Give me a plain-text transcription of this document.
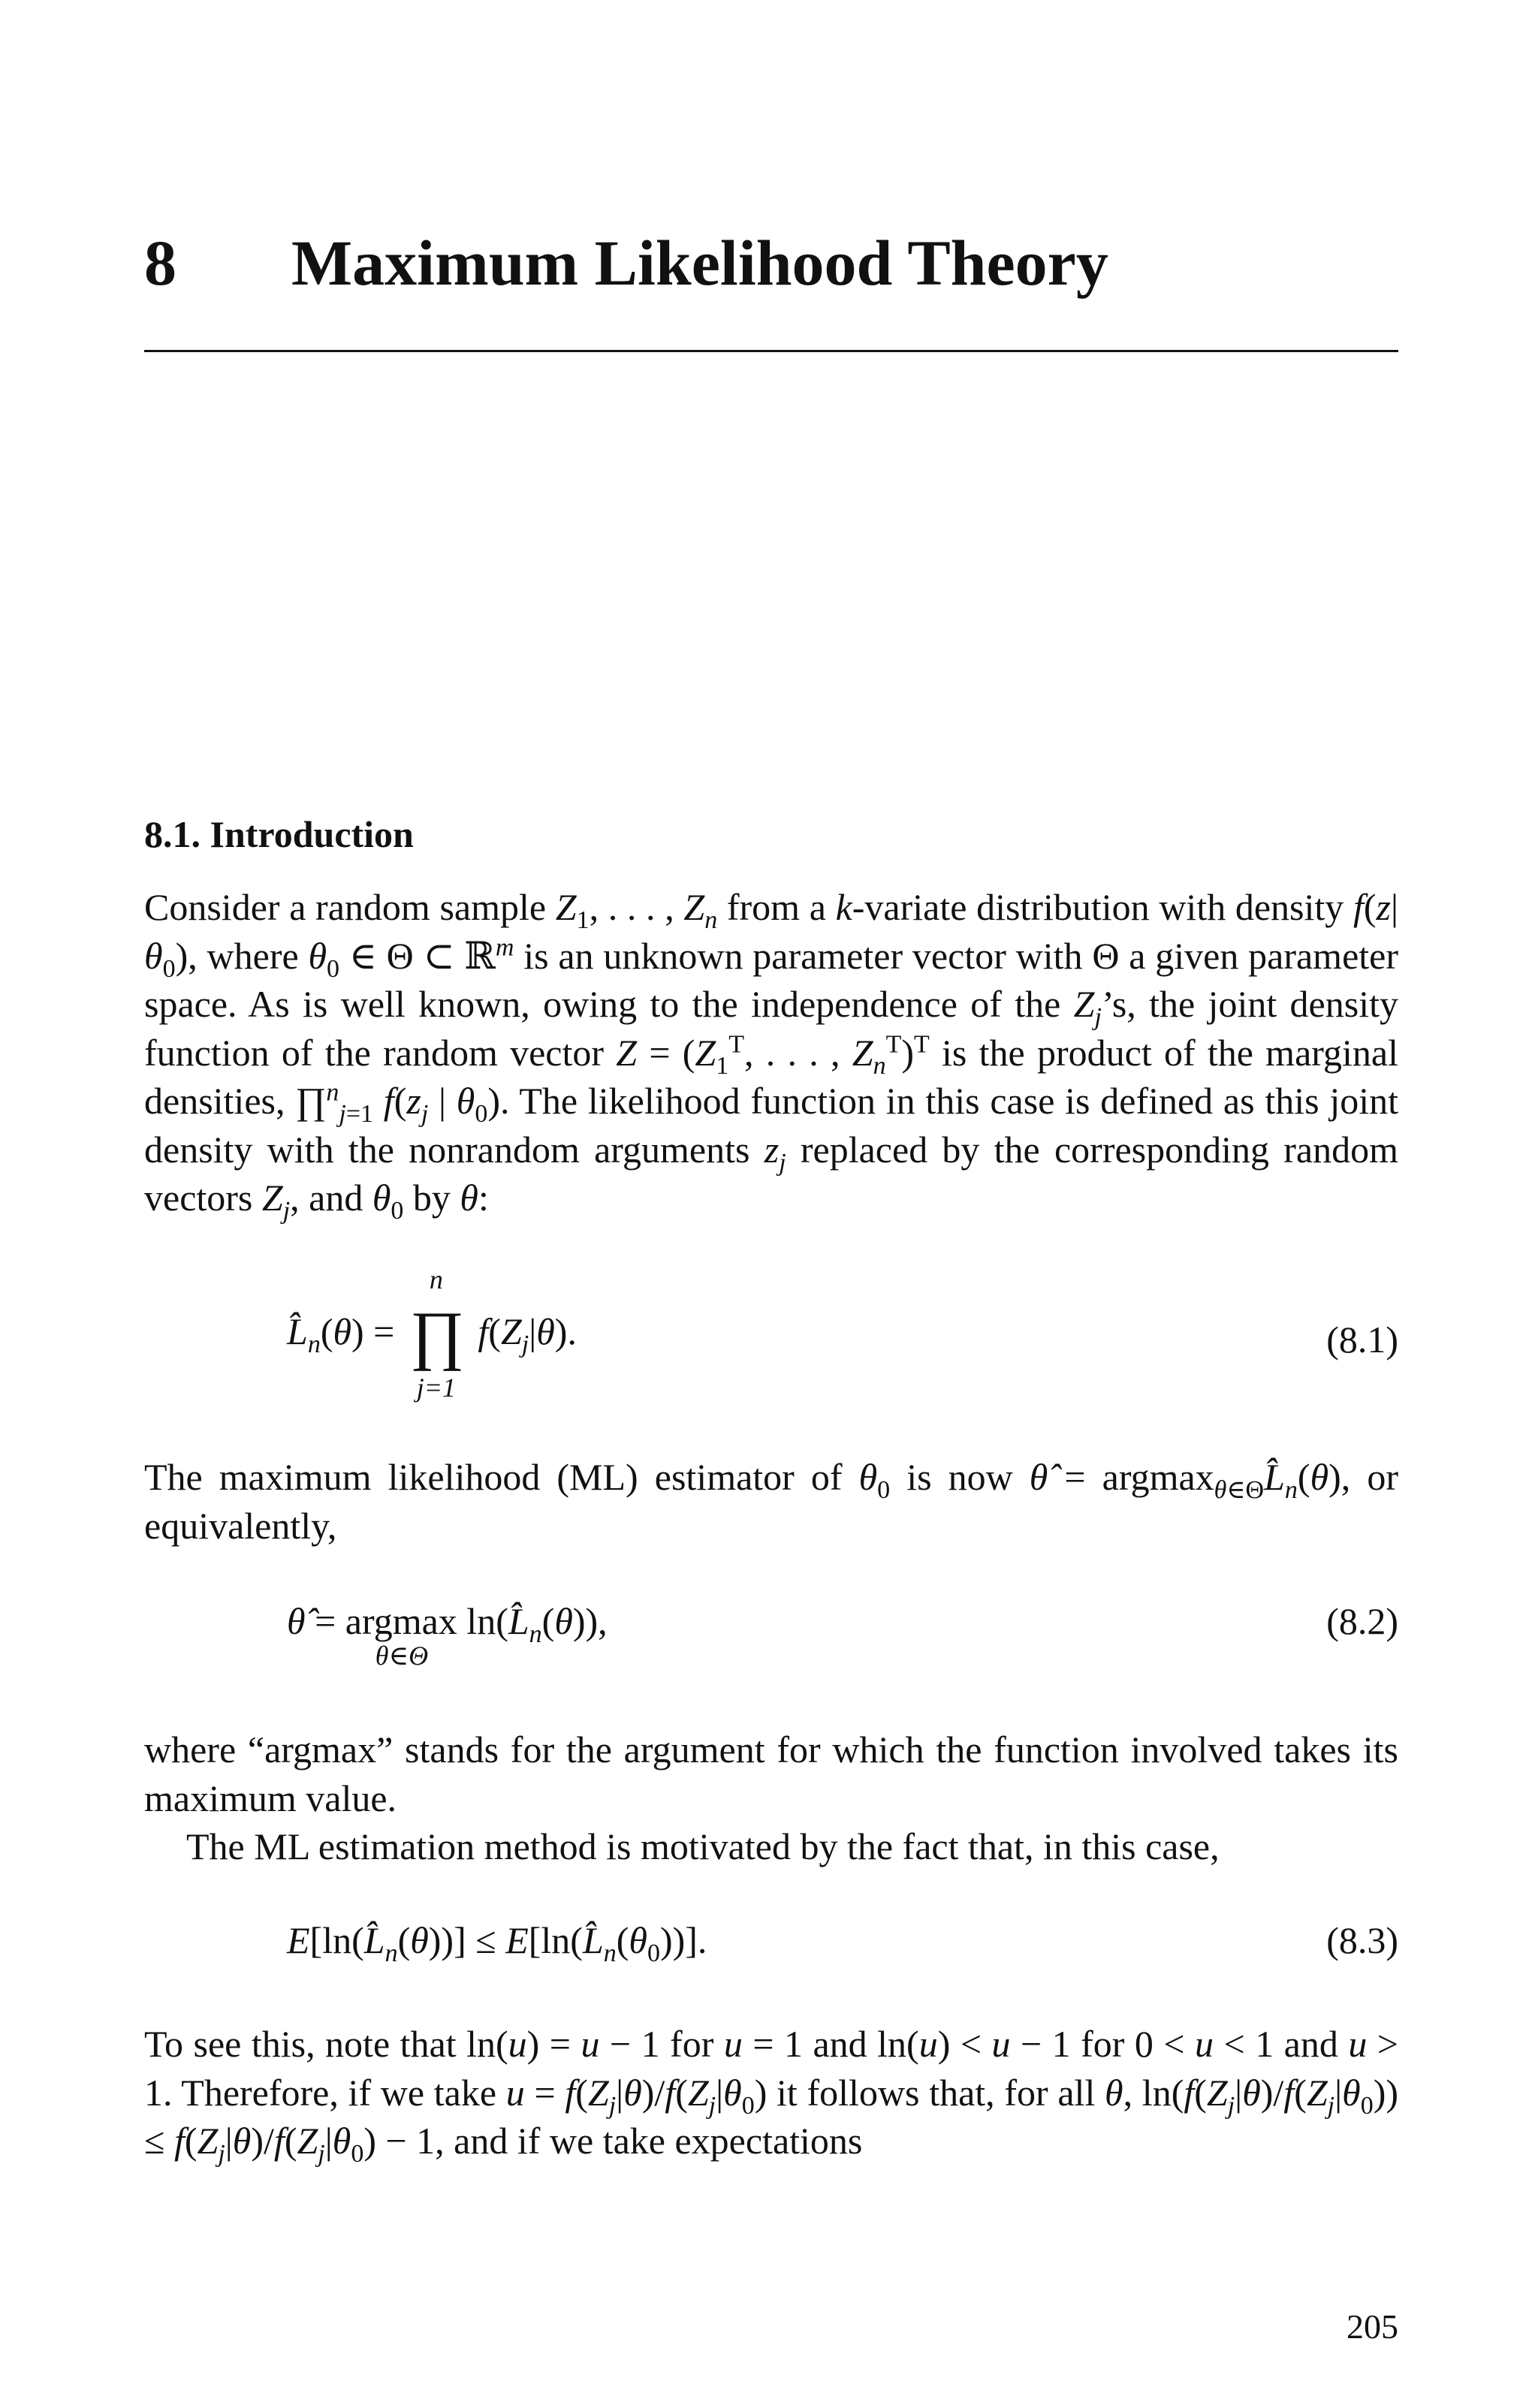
8 Maximum Likelihood Theory
8.1. Introduction
Consider a random sample $Z_1$, . . . , $Z_n$ from a k-variate distribution with density $f(z|\theta_0)$, where $\theta_0$ ∈ Θ ⊂ ℝ$^m$ is an unknown parameter vector with Θ a given parameter space. As is well known, owing to the independence of the $Z_j’s$, the joint density function of the random vector $Z = (Z_1^T$, . . . , $Z_n^T)^T$ is the product of the marginal densities, ∏$^n_{j=1}$ $f(z_j$ | $\theta_0$). The likelihood function in this case is defined as this joint density with the nonrandom arguments $z_j$ replaced by the corresponding random vectors $Z_j$, and $\theta_0$ by θ:
$L̂_n(\theta)$ =
n
∏
j=1
$f(Z_j|\theta)$.	(8.1)
The maximum likelihood (ML) estimator of $\theta_0$ is now θ̂ = $argmax_{\theta\in\Theta}L̂_n(\theta)$, or equivalently,
θ̂ = argmax
θ∈Θ
$\ln(L̂_n(\theta))$,	(8.2)
where “argmax” stands for the argument for which the function involved takes its maximum value.
The ML estimation method is motivated by the fact that, in this case,
$E[\ln(L̂_n(\theta))]$ ≤ $E[\ln(L̂_n(\theta_0))]$.	(8.3)
To see this, note that ln(u) = u − 1 for u = 1 and ln(u) < u − 1 for 0 < u < 1 and u > 1. Therefore, if we take $u = f(Z_j|\theta)/f(Z_j|\theta_0)$ it follows that, for all θ, $\ln(f(Z_j|\theta)/f(Z_j|\theta_0)) \le f(Z_j|\theta)/f(Z_j|\theta_0) - 1$, and if we take expectations
205
